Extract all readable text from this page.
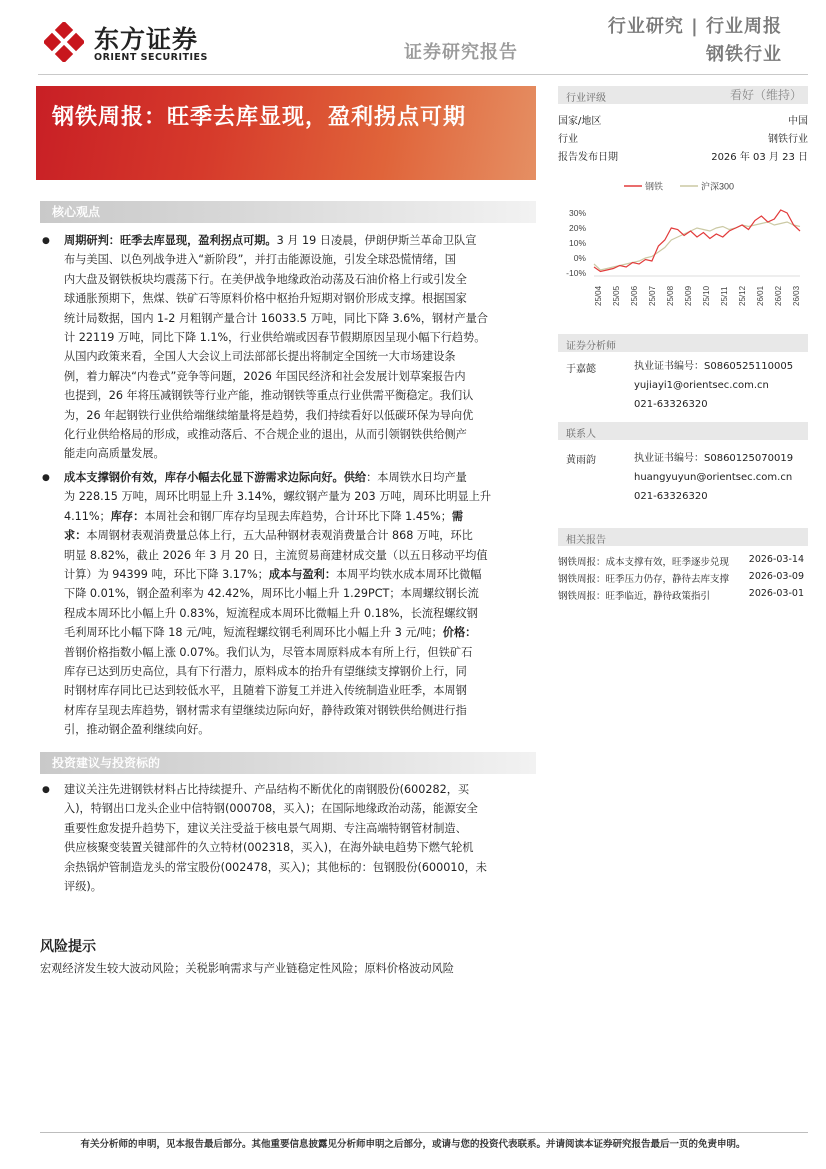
东方证券
ORIENT SECURITIES	证券研究报告
行业研究 | 行业周报
钢铁行业
钢铁周报：旺季去库显现，盈利拐点可期
行业评级	看好（维持）
国家/地区	中国
行业	钢铁行业
报告发布日期	2026 年 03 月 23 日
钢铁	沪深300
30%
20%
10%
0%
-10%
25/04 25/05 25/06 25/07 25/08 25/09 25/10 25/11 25/12 26/01 26/02 26/03
证券分析师
于嘉懿	执业证书编号：S0860525110005
yujiayi1@orientsec.com.cn
021-63326320
联系人
黄雨韵	执业证书编号：S0860125070019
huangyuyun@orientsec.com.cn
021-63326320
相关报告
钢铁周报：成本支撑有效，旺季逐步兑现 2026-03-14
钢铁周报：旺季压力仍存，静待去库支撑 2026-03-09
钢铁周报：旺季临近，静待政策指引	2026-03-01
核心观点
● 周期研判：旺季去库显现，盈利拐点可期。3 月 19 日凌晨，伊朗伊斯兰革命卫队宣
布与美国、以色列战争进入“新阶段”，并打击能源设施，引发全球恐慌情绪，国
内大盘及钢铁板块均震荡下行。在美伊战争地缘政治动荡及石油价格上行或引发全
球通胀预期下，焦煤、铁矿石等原料价格中枢抬升短期对钢价形成支撑。根据国家
统计局数据，国内 1-2 月粗钢产量合计 16033.5 万吨，同比下降 3.6%，钢材产量合
计 22119 万吨，同比下降 1.1%，行业供给端或因春节假期原因呈现小幅下行趋势。
从国内政策来看，全国人大会议上司法部部长提出将制定全国统一大市场建设条
例，着力解决“内卷式”竞争等问题，2026 年国民经济和社会发展计划草案报告内
也提到，26 年将压减钢铁等行业产能，推动钢铁等重点行业供需平衡稳定。我们认
为，26 年起钢铁行业供给端继续缩量将是趋势，我们持续看好以低碳环保为导向优
化行业供给格局的形成，或推动落后、不合规企业的退出，从而引领钢铁供给侧产
能走向高质量发展。
● 成本支撑钢价有效，库存小幅去化显下游需求边际向好。供给：本周铁水日均产量
为 228.15 万吨，周环比明显上升 3.14%，螺纹钢产量为 203 万吨，周环比明显上升
4.11%；库存：本周社会和钢厂库存均呈现去库趋势，合计环比下降 1.45%；需
求：本周钢材表观消费量总体上行，五大品种钢材表观消费量合计 868 万吨，环比
明显 8.82%，截止 2026 年 3 月 20 日，主流贸易商建材成交量（以五日移动平均值
计算）为 94399 吨，环比下降 3.17%；成本与盈利：本周平均铁水成本周环比微幅
下降 0.01%，钢企盈利率为 42.42%，周环比小幅上升 1.29PCT；本周螺纹钢长流
程成本周环比小幅上升 0.83%，短流程成本周环比微幅上升 0.18%，长流程螺纹钢
毛利周环比小幅下降 18 元/吨，短流程螺纹钢毛利周环比小幅上升 3 元/吨；价格：
普钢价格指数小幅上涨 0.07%。我们认为，尽管本周原料成本有所上行，但铁矿石
库存已达到历史高位，具有下行潜力，原料成本的抬升有望继续支撑钢价上行，同
时钢材库存同比已达到较低水平，且随着下游复工并进入传统制造业旺季，本周钢
材库存呈现去库趋势，钢材需求有望继续边际向好，静待政策对钢铁供给侧进行指
引，推动钢企盈利继续向好。
投资建议与投资标的
● 建议关注先进钢铁材料占比持续提升、产品结构不断优化的南钢股份(600282，买
入)，特钢出口龙头企业中信特钢(000708，买入)；在国际地缘政治动荡，能源安全
重要性愈发提升趋势下，建议关注受益于核电景气周期、专注高端特钢管材制造、
供应核聚变装置关键部件的久立特材(002318，买入)，在海外缺电趋势下燃气轮机
余热锅炉管制造龙头的常宝股份(002478，买入)；其他标的：包钢股份(600010，未
评级)。
风险提示
宏观经济发生较大波动风险；关税影响需求与产业链稳定性风险；原料价格波动风险
有关分析师的申明，见本报告最后部分。其他重要信息披露见分析师申明之后部分，或请与您的投资代表联系。并请阅读本证券研究报告最后一页的免责申明。
